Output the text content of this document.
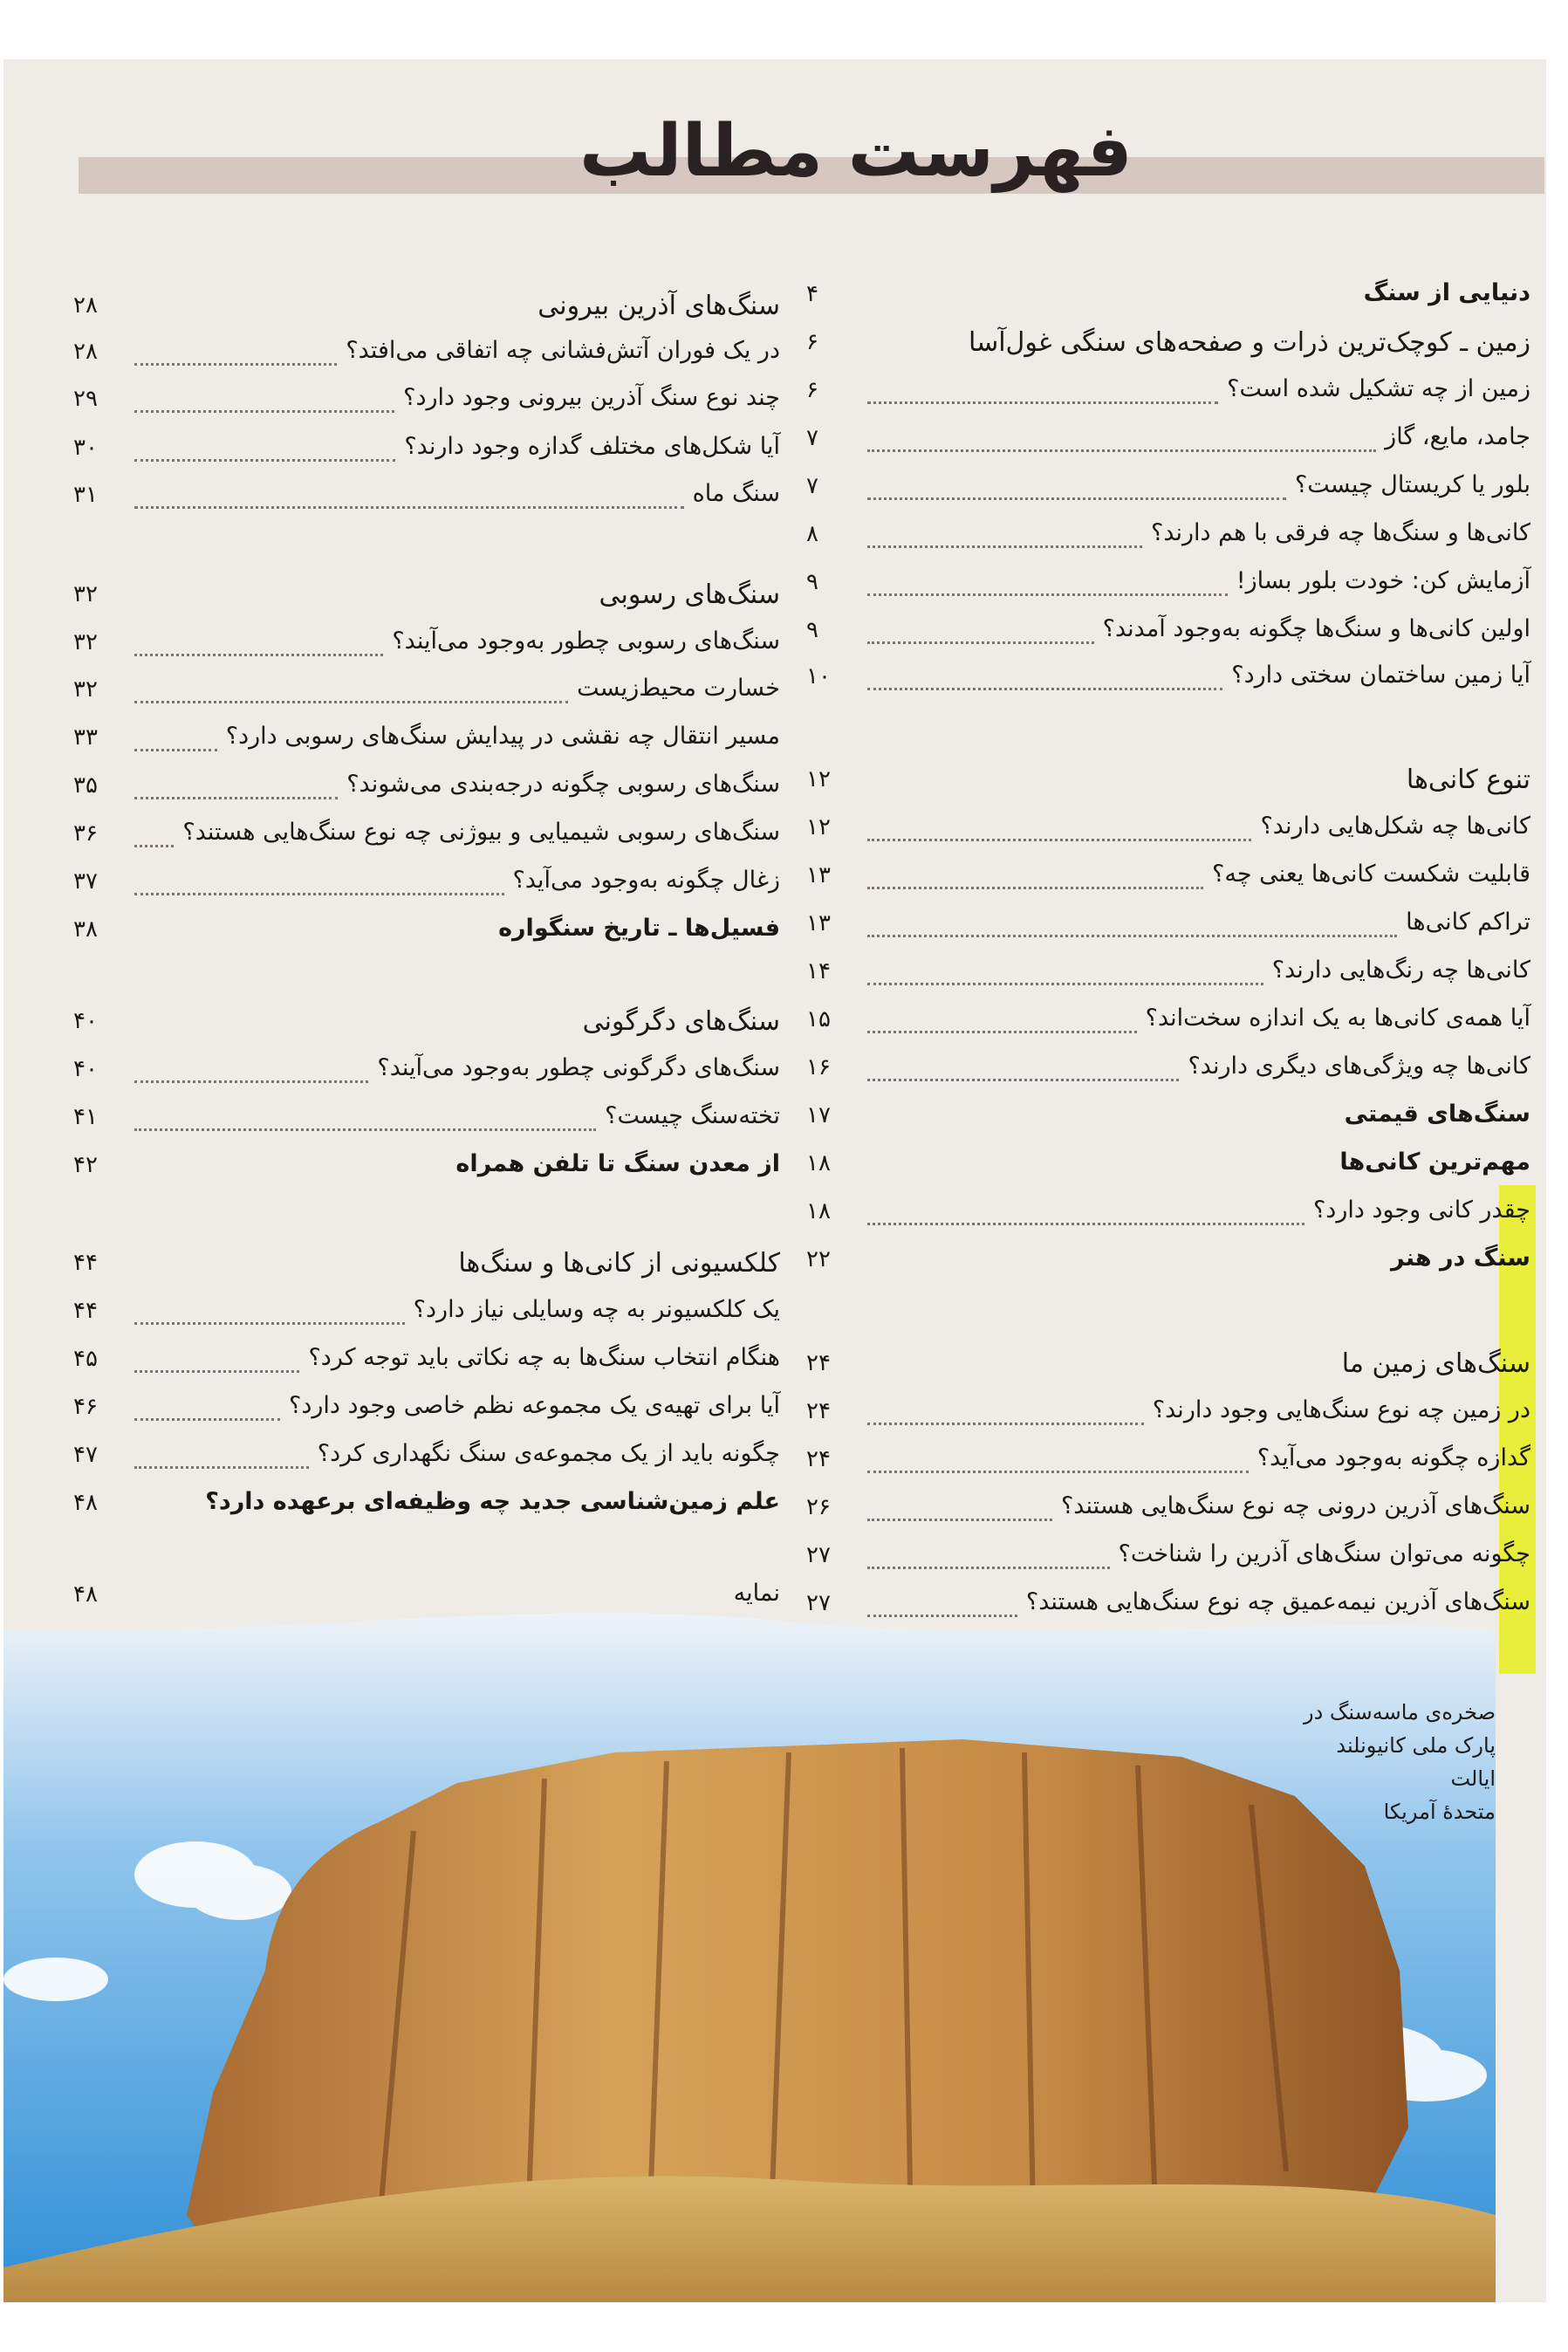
فهرست مطالب
۴	دنیایی از سنگ
۶	زمین ـ کوچک‌ترین ذرات و صفحه‌های سنگی غول‌آسا
۶	زمین از چه تشکیل شده است؟
۷	جامد، مایع، گاز
۷	بلور یا کریستال چیست؟
۸	کانی‌ها و سنگ‌ها چه فرقی با هم دارند؟
۹	آزمایش کن: خودت بلور بساز!
۹	اولین کانی‌ها و سنگ‌ها چگونه به‌وجود آمدند؟
۱۰	آیا زمین ساختمان سختی دارد؟
۱۲	تنوع کانی‌ها
۱۲	کانی‌ها چه شکل‌هایی دارند؟
۱۳	قابلیت شکست کانی‌ها یعنی چه؟
۱۳	تراکم کانی‌ها
۱۴	کانی‌ها چه رنگ‌هایی دارند؟
۱۵	آیا همه‌ی کانی‌ها به یک اندازه سخت‌اند؟
۱۶	کانی‌ها چه ویژگی‌های دیگری دارند؟
۱۷	سنگ‌های قیمتی
۱۸	مهم‌ترین کانی‌ها
۱۸	چقدر کانی وجود دارد؟
۲۲	سنگ در هنر
۲۴	سنگ‌های زمین ما
۲۴	در زمین چه نوع سنگ‌هایی وجود دارند؟
۲۴	گدازه چگونه به‌وجود می‌آید؟
۲۶	سنگ‌های آذرین درونی چه نوع سنگ‌هایی هستند؟
۲۷	چگونه می‌توان سنگ‌های آذرین را شناخت؟
۲۷	سنگ‌های آذرین نیمه‌عمیق چه نوع سنگ‌هایی هستند؟
۲۸	سنگ‌های آذرین بیرونی
۲۸	در یک فوران آتش‌فشانی چه اتفاقی می‌افتد؟
۲۹	چند نوع سنگ آذرین بیرونی وجود دارد؟
۳۰	آیا شکل‌های مختلف گدازه وجود دارند؟
۳۱	سنگ ماه
۳۲	سنگ‌های رسوبی
۳۲	سنگ‌های رسوبی چطور به‌وجود می‌آیند؟
۳۲	خسارت محیط‌زیست
۳۳	مسیر انتقال چه نقشی در پیدایش سنگ‌های رسوبی دارد؟
۳۵	سنگ‌های رسوبی چگونه درجه‌بندی می‌شوند؟
۳۶	سنگ‌های رسوبی شیمیایی و بیوژنی چه نوع سنگ‌هایی هستند؟
۳۷	زغال چگونه به‌وجود می‌آید؟
۳۸	فسیل‌ها ـ تاریخ سنگواره
۴۰	سنگ‌های دگرگونی
۴۰	سنگ‌های دگرگونی چطور به‌وجود می‌آیند؟
۴۱	تخته‌سنگ چیست؟
۴۲	از معدن سنگ تا تلفن همراه
۴۴	کلکسیونی از کانی‌ها و سنگ‌ها
۴۴	یک کلکسیونر به چه وسایلی نیاز دارد؟
۴۵	هنگام انتخاب سنگ‌ها به چه نکاتی باید توجه کرد؟
۴۶	آیا برای تهیه‌ی یک مجموعه نظم خاصی وجود دارد؟
۴۷	چگونه باید از یک مجموعه‌ی سنگ نگهداری کرد؟
۴۸	علم زمین‌شناسی جدید چه وظیفه‌ای برعهده دارد؟
۴۸	نمایه
صخره‌ی ماسه‌سنگ در
پارک ملی کانیونلند ایالت
متحدهٔ آمریکا
